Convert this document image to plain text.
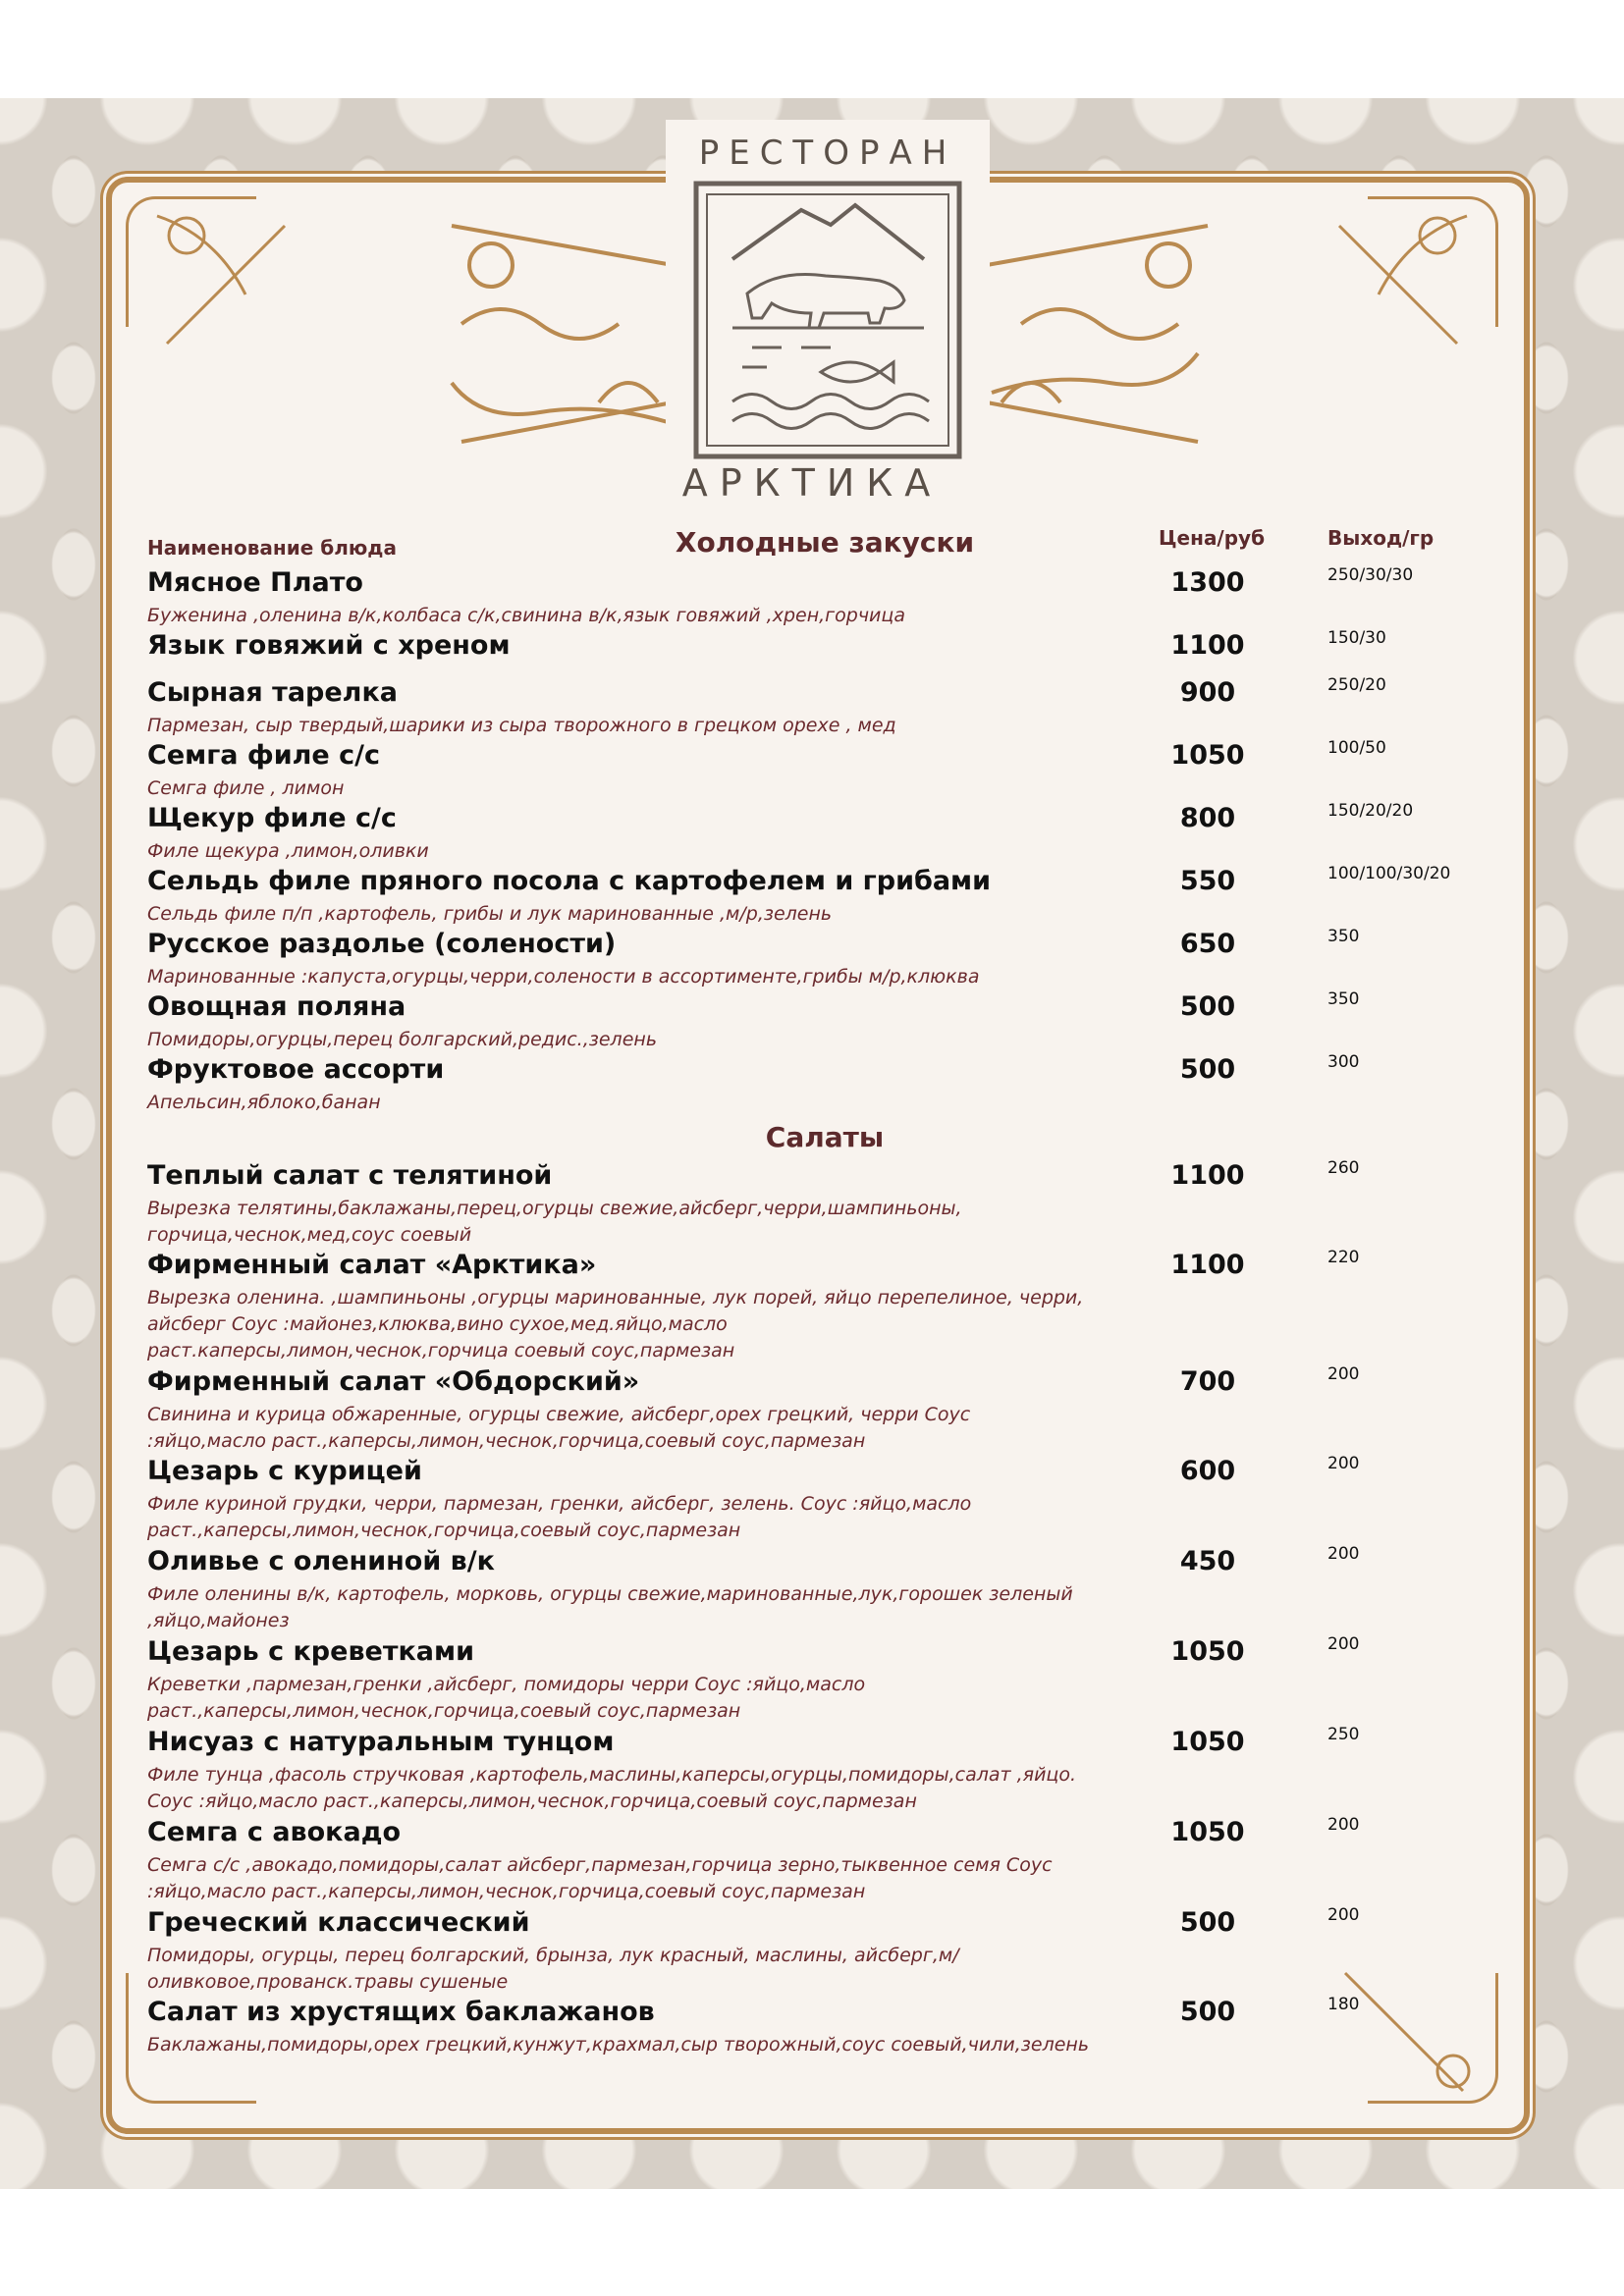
РЕСТОРАН
АРКТИКА
Наименование блюда	Цена/руб	Выход/гр
Холодные закуски
Салаты
Мясное Плато
Буженина ,оленина в/к,колбаса с/к,свинина в/к,язык говяжий ,хрен,горчица
1300	250/30/30
Язык говяжий с хреном	1100	150/30
Сырная тарелка
Пармезан, сыр твердый,шарики из сыра творожного в грецком орехе , мед
900	250/20
Семга филе с/с
Семга филе , лимон
1050	100/50
Щекур филе с/с
Филе щекура ,лимон,оливки
800	150/20/20
Сельдь филе пряного посола с картофелем и грибами
Сельдь филе п/п ,картофель, грибы и лук маринованные ,м/р,зелень
550	100/100/30/20
Русское раздолье (солености)
Маринованные :капуста,огурцы,черри,солености в ассортименте,грибы м/р,клюква
650	350
Овощная поляна
Помидоры,огурцы,перец болгарский,редис.,зелень
500	350
Фруктовое ассорти
Апельсин,яблоко,банан
500	300
Теплый салат с телятиной
Вырезка телятины,баклажаны,перец,огурцы свежие,айсберг,черри,шампиньоны, горчица,чеснок,мед,соус соевый
1100	260
Фирменный салат «Арктика»
Вырезка оленина. ,шампиньоны ,огурцы маринованные, лук порей, яйцо перепелиное, черри, айсберг Соус :майонез,клюква,вино сухое,мед.яйцо,масло раст.каперсы,лимон,чеснок,горчица соевый соус,пармезан
1100	220
Фирменный салат «Обдорский»
Свинина и курица обжаренные, огурцы свежие, айсберг,орех грецкий, черри Соус :яйцо,масло раст.,каперсы,лимон,чеснок,горчица,соевый соус,пармезан
700	200
Цезарь с курицей
Филе куриной грудки, черри, пармезан, гренки, айсберг, зелень. Соус :яйцо,масло раст.,каперсы,лимон,чеснок,горчица,соевый соус,пармезан
600	200
Оливье с олениной в/к
Филе оленины в/к, картофель, морковь, огурцы свежие,маринованные,лук,горошек зеленый ,яйцо,майонез
450	200
Цезарь с креветками
Креветки ,пармезан,гренки ,айсберг, помидоры черри Соус :яйцо,масло раст.,каперсы,лимон,чеснок,горчица,соевый соус,пармезан
1050	200
Нисуаз с натуральным тунцом
Филе тунца ,фасоль стручковая ,картофель,маслины,каперсы,огурцы,помидоры,салат ,яйцо. Соус :яйцо,масло раст.,каперсы,лимон,чеснок,горчица,соевый соус,пармезан
1050	250
Семга с авокадо
Семга с/с ,авокадо,помидоры,салат айсберг,пармезан,горчица зерно,тыквенное семя Соус :яйцо,масло раст.,каперсы,лимон,чеснок,горчица,соевый соус,пармезан
1050	200
Греческий классический
Помидоры, огурцы, перец болгарский, брынза, лук красный, маслины, айсберг,м/оливковое,прованск.травы сушеные
500	200
Салат из хрустящих баклажанов
Баклажаны,помидоры,орех грецкий,кунжут,крахмал,сыр творожный,соус соевый,чили,зелень
500	180
